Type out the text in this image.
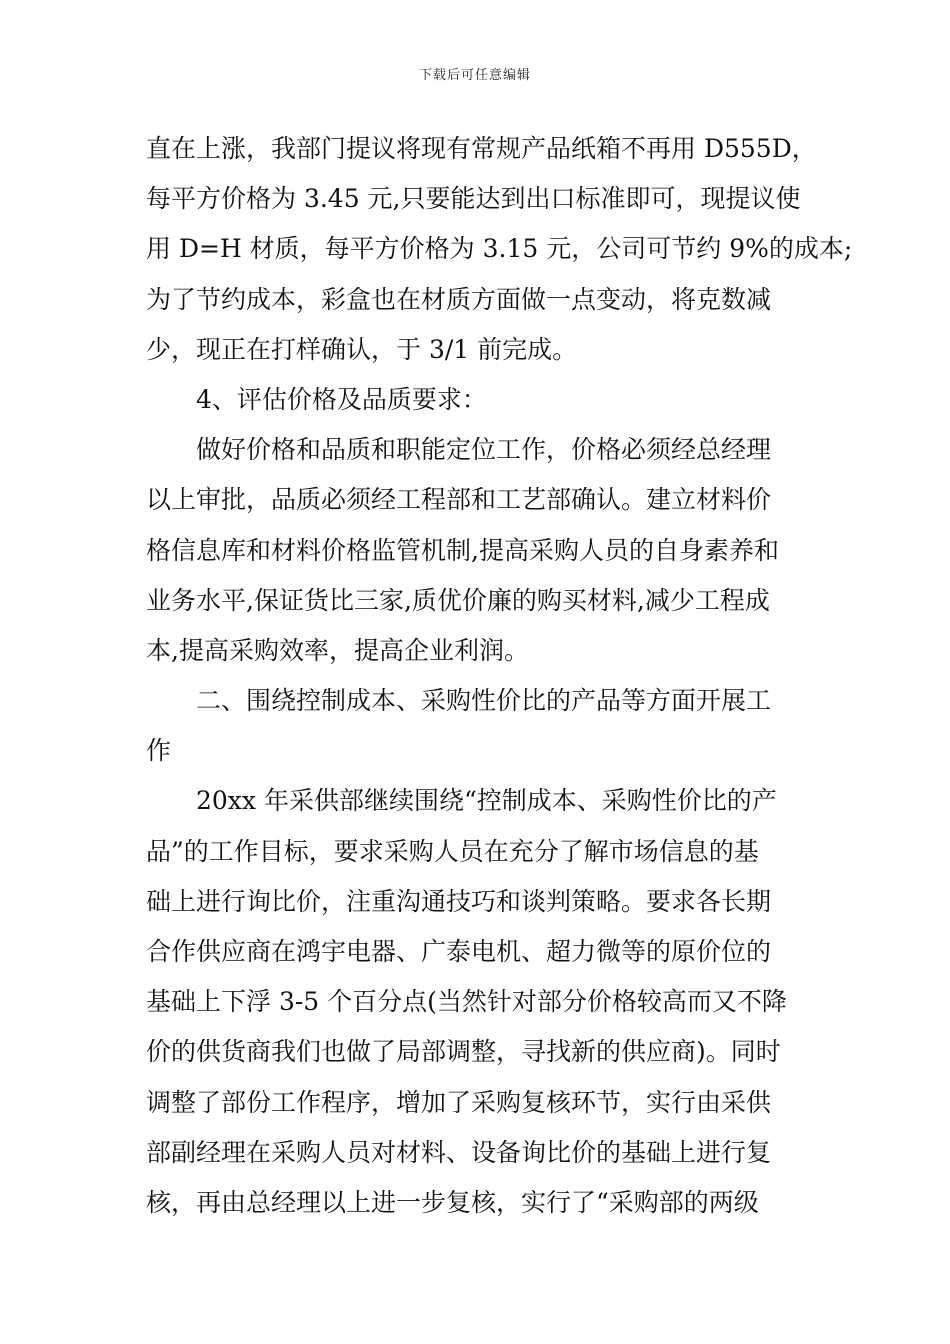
下载后可任意编辑
直在上涨，我部门提议将现有常规产品纸箱不再用 D555D，
每平方价格为 3.45 元,只要能达到出口标准即可，现提议使
用 D=H 材质，每平方价格为 3.15 元，公司可节约 9%的成本;
为了节约成本，彩盒也在材质方面做一点变动，将克数减
少，现正在打样确认，于 3/1 前完成。
4、评估价格及品质要求：
做好价格和品质和职能定位工作，价格必须经总经理
以上审批，品质必须经工程部和工艺部确认。建立材料价
格信息库和材料价格监管机制,提高采购人员的自身素养和
业务水平,保证货比三家,质优价廉的购买材料,减少工程成
本,提高采购效率，提高企业利润。
二、围绕控制成本、采购性价比的产品等方面开展工
作
20xx 年采供部继续围绕“控制成本、采购性价比的产
品”的工作目标，要求采购人员在充分了解市场信息的基
础上进行询比价，注重沟通技巧和谈判策略。要求各长期
合作供应商在鸿宇电器、广泰电机、超力微等的原价位的
基础上下浮 3-5 个百分点(当然针对部分价格较高而又不降
价的供货商我们也做了局部调整，寻找新的供应商)。同时
调整了部份工作程序，增加了采购复核环节，实行由采供
部副经理在采购人员对材料、设备询比价的基础上进行复
核，再由总经理以上进一步复核，实行了“采购部的两级
